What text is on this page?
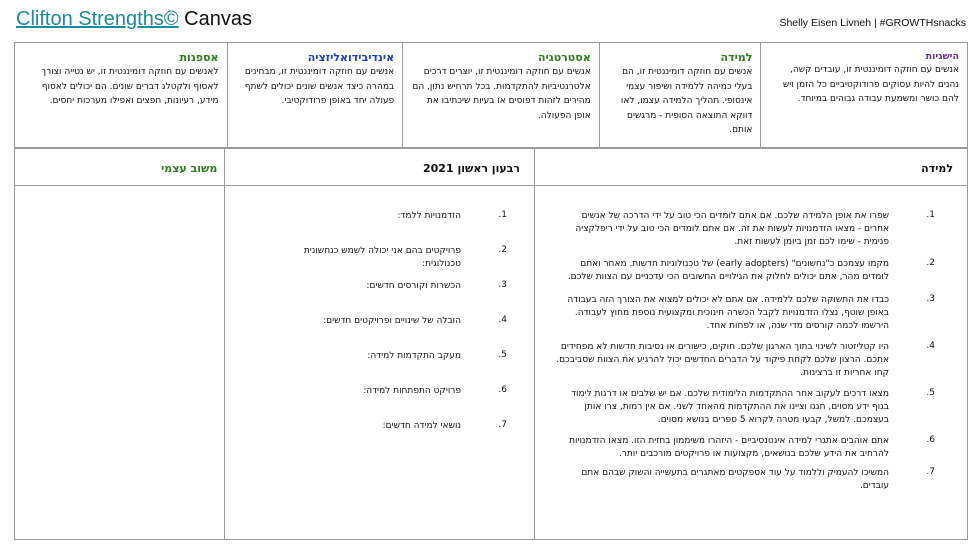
Clifton Strengths© Canvas	Shelly Eisen Livneh | #GROWTHsnacks
הישגיות

אנשים עם חוזקה דומיננטית זו, עובדים קשה, נהנים להיות עסוקים פרודוקטיביים כל הזמן ויש להם כושר ומשמעת עבודה גבוהים במיוחד.

למידה

אנשים עם חוזקה דומיננטית זו, הם בעלי כמיהה ללמידה ושיפור עצמי אינסופי. תהליך הלמידה עצמו, לאו דווקא התוצאה הסופית - מרגשים אותם.

אסטרטגיה

אנשים עם חוזקה דומיננטית זו, יוצרים דרכים אלטרנטיביות להתקדמות. בכל תרחיש נתון, הם מהירים לזהות דפוסים או בעיות שיכתיבו את אופן הפעולה.

אינדיבידואליזציה

אנשים עם חוזקה דומיננטית זו, מבחינים במהרה כיצד אנשים שונים יכולים לשתף פעולה יחד באופן פרודוקטיבי.

אספנות

לאנשים עם חוזקה דומיננטית זו, יש נטייה וצורך לאסוף ולקטלג דברים שונים. הם יכולים לאסוף מידע, רעיונות, חפצים ואפילו מערכות יחסים.

למידה
רבעון ראשון 2021
משוב עצמי
1.
שפרו את אופן הלמידה שלכם. אם אתם לומדים הכי טוב על ידי הדרכה של אנשים אחרים - מצאו הזדמנויות לעשות את זה. אם אתם לומדים הכי טוב על ידי ריפלקציה פנימית - שימו לכם זמן ביומן לעשות זאת.
2.
מקמו עצמכם כ"נחשונים" (early adopters) של טכנולוגיות חדשות. מאחר ואתם לומדים מהר, אתם יכולים לחלוק את הגילויים החשובים הכי עדכניים עם הצוות שלכם.
3.
כבדו את התשוקה שלכם ללמידה. אם אתם לא יכולים למצוא את הצורך הזה בעבודה באופן שוטף, נצלו הזדמנויות לקבל הכשרה חינוכית ומקצועית נוספת מחוץ לעבודה. הירשמו לכמה קורסים מדי שנה, או לפחות אחד.
4.
היו קטליזטור לשינוי בתוך הארגון שלכם. חוקים, כישורים או נסיבות חדשות לא מפחידים אתכם. הרצון שלכם לקחת פיקוד על הדברים החדשים יכול להרגיע את הצוות שסביבכם. קחו אחריות זו ברצינות.
5.
מצאו דרכים לעקוב אחר ההתקדמות הלימודית שלכם. אם יש שלבים או דרגות לימוד בגוף ידע מסוים, חגגו וציינו את ההתקדמות מהאחד לשני. אם אין רמות, צרו אותן בעצמכם. למשל, קבעו מטרה לקרוא 5 ספרים בנושא מסוים.
6.
אתם אוהבים אתגרי למידה אינטנסיביים - היזהרו משיממון בחזית הזו. מצאו הזדמנויות להרחיב את הידע שלכם בנושאים, מקצועות או פרויקטים מורכבים יותר.
7.
המשיכו להעמיק וללמוד על עוד אספקטים מאתגרים בתעשייה והשוק שבהם אתם עובדים.
1.
הזדמנויות ללמד:
2.
פרויקטים בהם אני יכולה לשמש כנחשונית טכנולוגית:
3.
הכשרות וקורסים חדשים:
4.
הובלה של שינויים ופרויקטים חדשים:
5.
מעקב התקדמות למידה:
6.
פרויקט התפתחות למידה:
7.
נושאי למידה חדשים:
